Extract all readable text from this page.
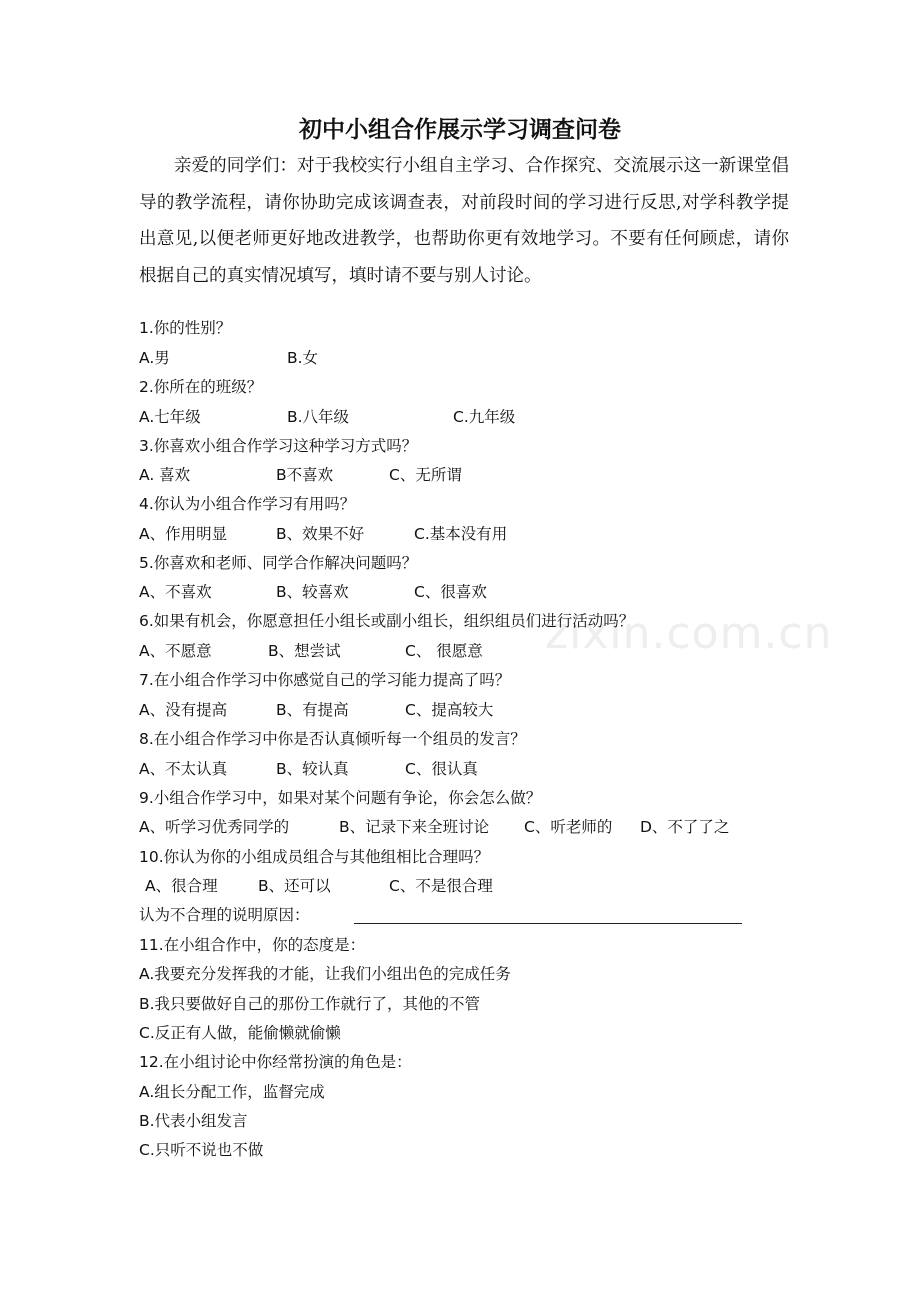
zixin.com.cn
初中小组合作展示学习调查问卷

亲爱的同学们：对于我校实行小组自主学习、合作探究、交流展示这一新课堂倡导的教学流程，请你协助完成该调查表，对前段时间的学习进行反思,对学科教学提出意见,以便老师更好地改进教学，也帮助你更有效地学习。不要有任何顾虑，请你根据自己的真实情况填写，填时请不要与别人讨论。

1.你的性别？
A.男	B.女
2.你所在的班级？
A.七年级	B.八年级	C.九年级
3.你喜欢小组合作学习这种学习方式吗？
A. 喜欢	B不喜欢	C、无所谓
4.你认为小组合作学习有用吗？
A、作用明显	B、效果不好	C.基本没有用
5.你喜欢和老师、同学合作解决问题吗？
A、不喜欢	B、较喜欢	C、很喜欢
6.如果有机会，你愿意担任小组长或副小组长，组织组员们进行活动吗？
A、不愿意	B、想尝试	C、 很愿意
7.在小组合作学习中你感觉自己的学习能力提高了吗？
A、没有提高	B、有提高	C、提高较大
8.在小组合作学习中你是否认真倾听每一个组员的发言？
A、不太认真	B、较认真	C、很认真
9.小组合作学习中，如果对某个问题有争论，你会怎么做？
A、听学习优秀同学的	B、记录下来全班讨论 C、听老师的 D、不了了之
10.你认为你的小组成员组合与其他组相比合理吗？
A、很合理	B、还可以	C、不是很合理
认为不合理的说明原因：
11.在小组合作中，你的态度是：
A.我要充分发挥我的才能，让我们小组出色的完成任务
B.我只要做好自己的那份工作就行了，其他的不管
C.反正有人做，能偷懒就偷懒
12.在小组讨论中你经常扮演的角色是：
A.组长分配工作，监督完成
B.代表小组发言
C.只听不说也不做
